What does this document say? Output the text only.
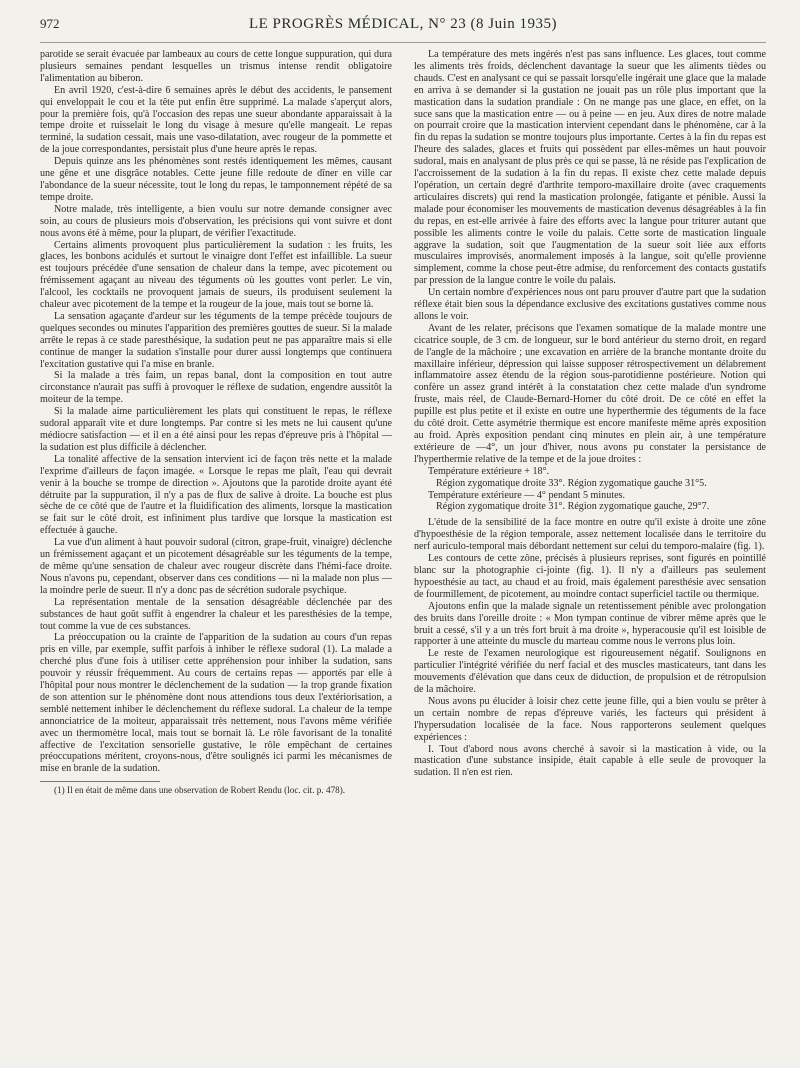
972	LE PROGRÈS MÉDICAL, N° 23 (8 Juin 1935)

parotide se serait évacuée par lambeaux au cours de cette longue suppuration, qui dura plusieurs semaines pendant lesquelles un trismus intense rendit obligatoire l'alimentation au biberon.

En avril 1920, c'est-à-dire 6 semaines après le début des accidents, le pansement qui enveloppait le cou et la tête put enfin être supprimé. La malade s'aperçut alors, pour la première fois, qu'à l'occasion des repas une sueur abondante apparaissait à la tempe droite et ruisselait le long du visage à mesure qu'elle mangeait. Le repas terminé, la sudation cessait, mais une vaso-dilatation, avec rougeur de la pommette et de la joue correspondantes, persistait plus d'une heure après le repas.

Depuis quinze ans les phénomènes sont restés identiquement les mêmes, causant une gêne et une disgrâce notables. Cette jeune fille redoute de dîner en ville car l'abondance de la sueur nécessite, tout le long du repas, le tamponnement répété de sa tempe droite.

Notre malade, très intelligente, a bien voulu sur notre demande consigner avec soin, au cours de plusieurs mois d'observation, les précisions qui vont suivre et dont nous avons été à même, pour la plupart, de vérifier l'exactitude.

Certains aliments provoquent plus particulièrement la sudation : les fruits, les glaces, les bonbons acidulés et surtout le vinaigre dont l'effet est infaillible. La sueur est toujours précédée d'une sensation de chaleur dans la tempe, avec picotement ou frémissement agaçant au niveau des téguments où les gouttes vont perler. Le vin, l'alcool, les cocktails ne provoquent jamais de sueurs, ils produisent seulement la chaleur avec picotement de la tempe et la rougeur de la joue, mais tout se borne là.

La sensation agaçante d'ardeur sur les téguments de la tempe précède toujours de quelques secondes ou minutes l'apparition des premières gouttes de sueur. Si la malade arrête le repas à ce stade paresthésique, la sudation peut ne pas apparaître mais si elle continue de manger la sudation s'installe pour durer aussi longtemps que continuera l'excitation gustative qui l'a mise en branle.

Si la malade a très faim, un repas banal, dont la composition en tout autre circonstance n'aurait pas suffi à provoquer le réflexe de sudation, engendre aussitôt la moiteur de la tempe.

Si la malade aime particulièrement les plats qui constituent le repas, le réflexe sudoral apparaît vite et dure longtemps. Par contre si les mets ne lui causent qu'une médiocre satisfaction — et il en a été ainsi pour les repas d'épreuve pris à l'hôpital — la sudation est plus difficile à déclencher.

La tonalité affective de la sensation intervient ici de façon très nette et la malade l'exprime d'ailleurs de façon imagée. « Lorsque le repas me plaît, l'eau qui devrait venir à la bouche se trompe de direction ». Ajoutons que la parotide droite ayant été détruite par la suppuration, il n'y a pas de flux de salive à droite. La bouche est plus sèche de ce côté que de l'autre et la fluidification des aliments, lorsque la mastication se fait sur le côté droit, est infiniment plus tardive que lorsque la mastication est effectuée à gauche.

La vue d'un aliment à haut pouvoir sudoral (citron, grape-fruit, vinaigre) déclenche un frémissement agaçant et un picotement désagréable sur les téguments de la tempe, de même qu'une sensation de chaleur avec rougeur discrète dans l'hémi-face droite. Nous n'avons pu, cependant, observer dans ces conditions — ni la malade non plus — la moindre perle de sueur. Il n'y a donc pas de sécrétion sudorale psychique.

La représentation mentale de la sensation désagréable déclenchée par des substances de haut goût suffit à engendrer la chaleur et les paresthésies de la tempe, tout comme la vue de ces substances.

La préoccupation ou la crainte de l'apparition de la sudation au cours d'un repas pris en ville, par exemple, suffit parfois à inhiber le réflexe sudoral (1). La malade a cherché plus d'une fois à utiliser cette appréhension pour inhiber la sudation, sans pouvoir y réussir fréquemment. Au cours de certains repas — apportés par elle à l'hôpital pour nous montrer le déclenchement de la sudation — la trop grande fixation de son attention sur le phénomène dont nous attendions tous deux l'extériorisation, a semblé nettement inhiber le déclenchement du réflexe sudoral. La chaleur de la tempe annonciatrice de la moiteur, apparaissait très nettement, nous l'avons même vérifiée avec un thermomètre local, mais tout se bornait là. Le rôle favorisant de la tonalité affective de l'excitation sensorielle gustative, le rôle empêchant de certaines préoccupations méritent, croyons-nous, d'être soulignés ici parmi les mécanismes de mise en branle de la sudation.

(1) Il en était de même dans une observation de Robert Rendu (loc. cit. p. 478).

La température des mets ingérés n'est pas sans influence. Les glaces, tout comme les aliments très froids, déclenchent davantage la sueur que les aliments tièdes ou chauds. C'est en analysant ce qui se passait lorsqu'elle ingérait une glace que la malade en arriva à se demander si la gustation ne jouait pas un rôle plus important que la mastication dans la sudation prandiale : On ne mange pas une glace, en effet, on la suce sans que la mastication entre — ou à peine — en jeu. Aux dires de notre malade on pourrait croire que la mastication intervient cependant dans le phénomène, car à la fin du repas la sudation se montre toujours plus importante. Certes à la fin du repas est l'heure des salades, glaces et fruits qui possèdent par elles-mêmes un haut pouvoir sudoral, mais en analysant de plus près ce qui se passe, là ne réside pas l'explication de l'accroissement de la sudation à la fin du repas. Il existe chez cette malade depuis l'opération, un certain degré d'arthrite temporo-maxillaire droite (avec craquements articulaires discrets) qui rend la mastication prolongée, fatigante et pénible. Aussi la malade pour économiser les mouvements de mastication devenus désagréables à la fin du repas, en est-elle arrivée à faire des efforts avec la langue pour triturer autant que possible les aliments contre le voile du palais. Cette sorte de mastication linguale aggrave la sudation, soit que l'augmentation de la sueur soit liée aux efforts musculaires improvisés, anormalement imposés à la langue, soit qu'elle provienne simplement, comme la chose peut-être admise, du renforcement des contacts gustatifs par pression de la langue contre le voile du palais.

Un certain nombre d'expériences nous ont paru prouver d'autre part que la sudation réflexe était bien sous la dépendance exclusive des excitations gustatives comme nous allons le voir.

Avant de les relater, précisons que l'examen somatique de la malade montre une cicatrice souple, de 3 cm. de longueur, sur le bord antérieur du sterno droit, en regard de l'angle de la mâchoire ; une excavation en arrière de la branche montante droite du maxillaire inférieur, dépression qui laisse supposer rétrospectivement un délabrement inflammatoire assez étendu de la région sous-parotidienne postérieure. Notion qui confère un assez grand intérêt à la constatation chez cette malade d'un syndrome fruste, mais réel, de Claude-Bernard-Horner du côté droit. De ce côté en effet la pupille est plus petite et il existe en outre une hyperthermie des téguments de la face du côté droit. Cette asymétrie thermique est encore manifeste même après exposition au froid. Après exposition pendant cinq minutes en plein air, à une température extérieure de —4°, un jour d'hiver, nous avons pu constater la persistance de l'hyperthermie relative de la tempe et de la joue droites :

Température extérieure + 18°.

Région zygomatique droite 33°. Région zygomatique gauche 31°5.

Température extérieure — 4° pendant 5 minutes.

Région zygomatique droite 31°. Région zygomatique gauche, 29°7.

L'étude de la sensibilité de la face montre en outre qu'il existe à droite une zône d'hypoesthésie de la région temporale, assez nettement localisée dans le territoire du nerf auriculo-temporal mais débordant nettement sur celui du temporo-malaire (fig. 1).

Les contours de cette zône, précisés à plusieurs reprises, sont figurés en pointillé blanc sur la photographie ci-jointe (fig. 1). Il n'y a d'ailleurs pas seulement hypoesthésie au tact, au chaud et au froid, mais également paresthésie avec sensation de fourmillement, de picotement, au moindre contact superficiel tactile ou thermique.

Ajoutons enfin que la malade signale un retentissement pénible avec prolongation des bruits dans l'oreille droite : « Mon tympan continue de vibrer même après que le bruit a cessé, s'il y a un très fort bruit à ma droite », hyperacousie qu'il est loisible de rapporter à une atteinte du muscle du marteau comme nous le verrons plus loin.

Le reste de l'examen neurologique est rigoureusement négatif. Soulignons en particulier l'intégrité vérifiée du nerf facial et des muscles masticateurs, tant dans les mouvements d'élévation que dans ceux de diduction, de propulsion et de rétropulsion de la mâchoire.

Nous avons pu élucider à loisir chez cette jeune fille, qui a bien voulu se prêter à un certain nombre de repas d'épreuve variés, les facteurs qui président à l'hypersudation localisée de la face. Nous rapporterons seulement quelques expériences :

I. Tout d'abord nous avons cherché à savoir si la mastication à vide, ou la mastication d'une substance insipide, était capable à elle seule de provoquer la sudation. Il n'en est rien.
